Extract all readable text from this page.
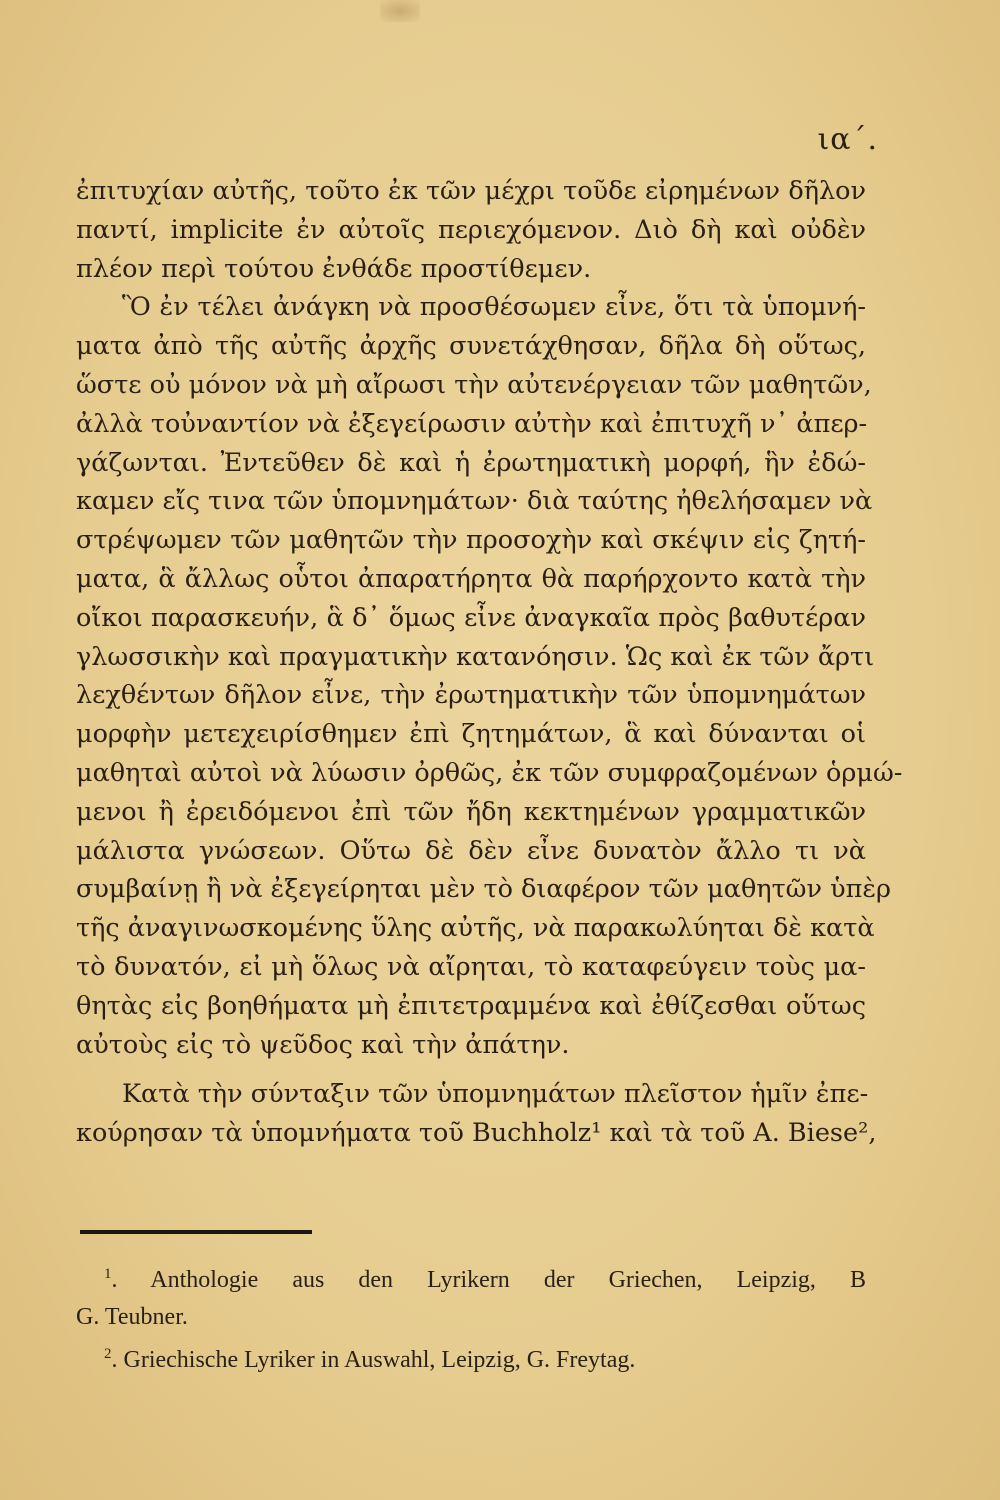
ια΄.
ἐπιτυχίαν αὐτῆς, τοῦτο ἐκ τῶν μέχρι τοῦδε εἰρημένων δῆλον
παντί, implicite ἐν αὐτοῖς περιεχόμενον. Διὸ δὴ καὶ οὐδὲν
πλέον περὶ τούτου ἐνθάδε προστίθεμεν.
Ὃ ἐν τέλει ἀνάγκη νὰ προσθέσωμεν εἶνε, ὅτι τὰ ὑπομνή-
ματα ἀπὸ τῆς αὐτῆς ἀρχῆς συνετάχθησαν, δῆλα δὴ οὕτως,
ὥστε οὐ μόνον νὰ μὴ αἴρωσι τὴν αὐτενέργειαν τῶν μαθητῶν,
ἀλλὰ τοὐναντίον νὰ ἐξεγείρωσιν αὐτὴν καὶ ἐπιτυχῆ ν᾽ ἀπερ-
γάζωνται. Ἐντεῦθεν δὲ καὶ ἡ ἐρωτηματικὴ μορφή, ἣν ἐδώ-
καμεν εἴς τινα τῶν ὑπομνημάτων· διὰ ταύτης ἠθελήσαμεν νὰ
στρέψωμεν τῶν μαθητῶν τὴν προσοχὴν καὶ σκέψιν εἰς ζητή-
ματα, ἃ ἄλλως οὗτοι ἀπαρατήρητα θὰ παρήρχοντο κατὰ τὴν
οἴκοι παρασκευήν, ἃ δ᾽ ὅμως εἶνε ἀναγκαῖα πρὸς βαθυτέραν
γλωσσικὴν καὶ πραγματικὴν κατανόησιν. Ὡς καὶ ἐκ τῶν ἄρτι
λεχθέντων δῆλον εἶνε, τὴν ἐρωτηματικὴν τῶν ὑπομνημάτων
μορφὴν μετεχειρίσθημεν ἐπὶ ζητημάτων, ἃ καὶ δύνανται οἱ
μαθηταὶ αὐτοὶ νὰ λύωσιν ὀρθῶς, ἐκ τῶν συμφραζομένων ὁρμώ-
μενοι ἢ ἐρειδόμενοι ἐπὶ τῶν ἤδη κεκτημένων γραμματικῶν
μάλιστα γνώσεων. Οὕτω δὲ δὲν εἶνε δυνατὸν ἄλλο τι νὰ
συμβαίνῃ ἢ νὰ ἐξεγείρηται μὲν τὸ διαφέρον τῶν μαθητῶν ὑπὲρ
τῆς ἀναγινωσκομένης ὕλης αὐτῆς, νὰ παρακωλύηται δὲ κατὰ
τὸ δυνατόν, εἰ μὴ ὅλως νὰ αἴρηται, τὸ καταφεύγειν τοὺς μα-
θητὰς εἰς βοηθήματα μὴ ἐπιτετραμμένα καὶ ἐθίζεσθαι οὕτως
αὐτοὺς εἰς τὸ ψεῦδος καὶ τὴν ἀπάτην.
Κατὰ τὴν σύνταξιν τῶν ὑπομνημάτων πλεῖστον ἡμῖν ἐπε-
κούρησαν τὰ ὑπομνήματα τοῦ Buchholz¹ καὶ τὰ τοῦ A. Biese²,
$^1$. Anthologie aus den Lyrikern der Griechen, Leipzig, B
G. Teubner.
$^2$. Griechische Lyriker in Auswahl, Leipzig, G. Freytag.
